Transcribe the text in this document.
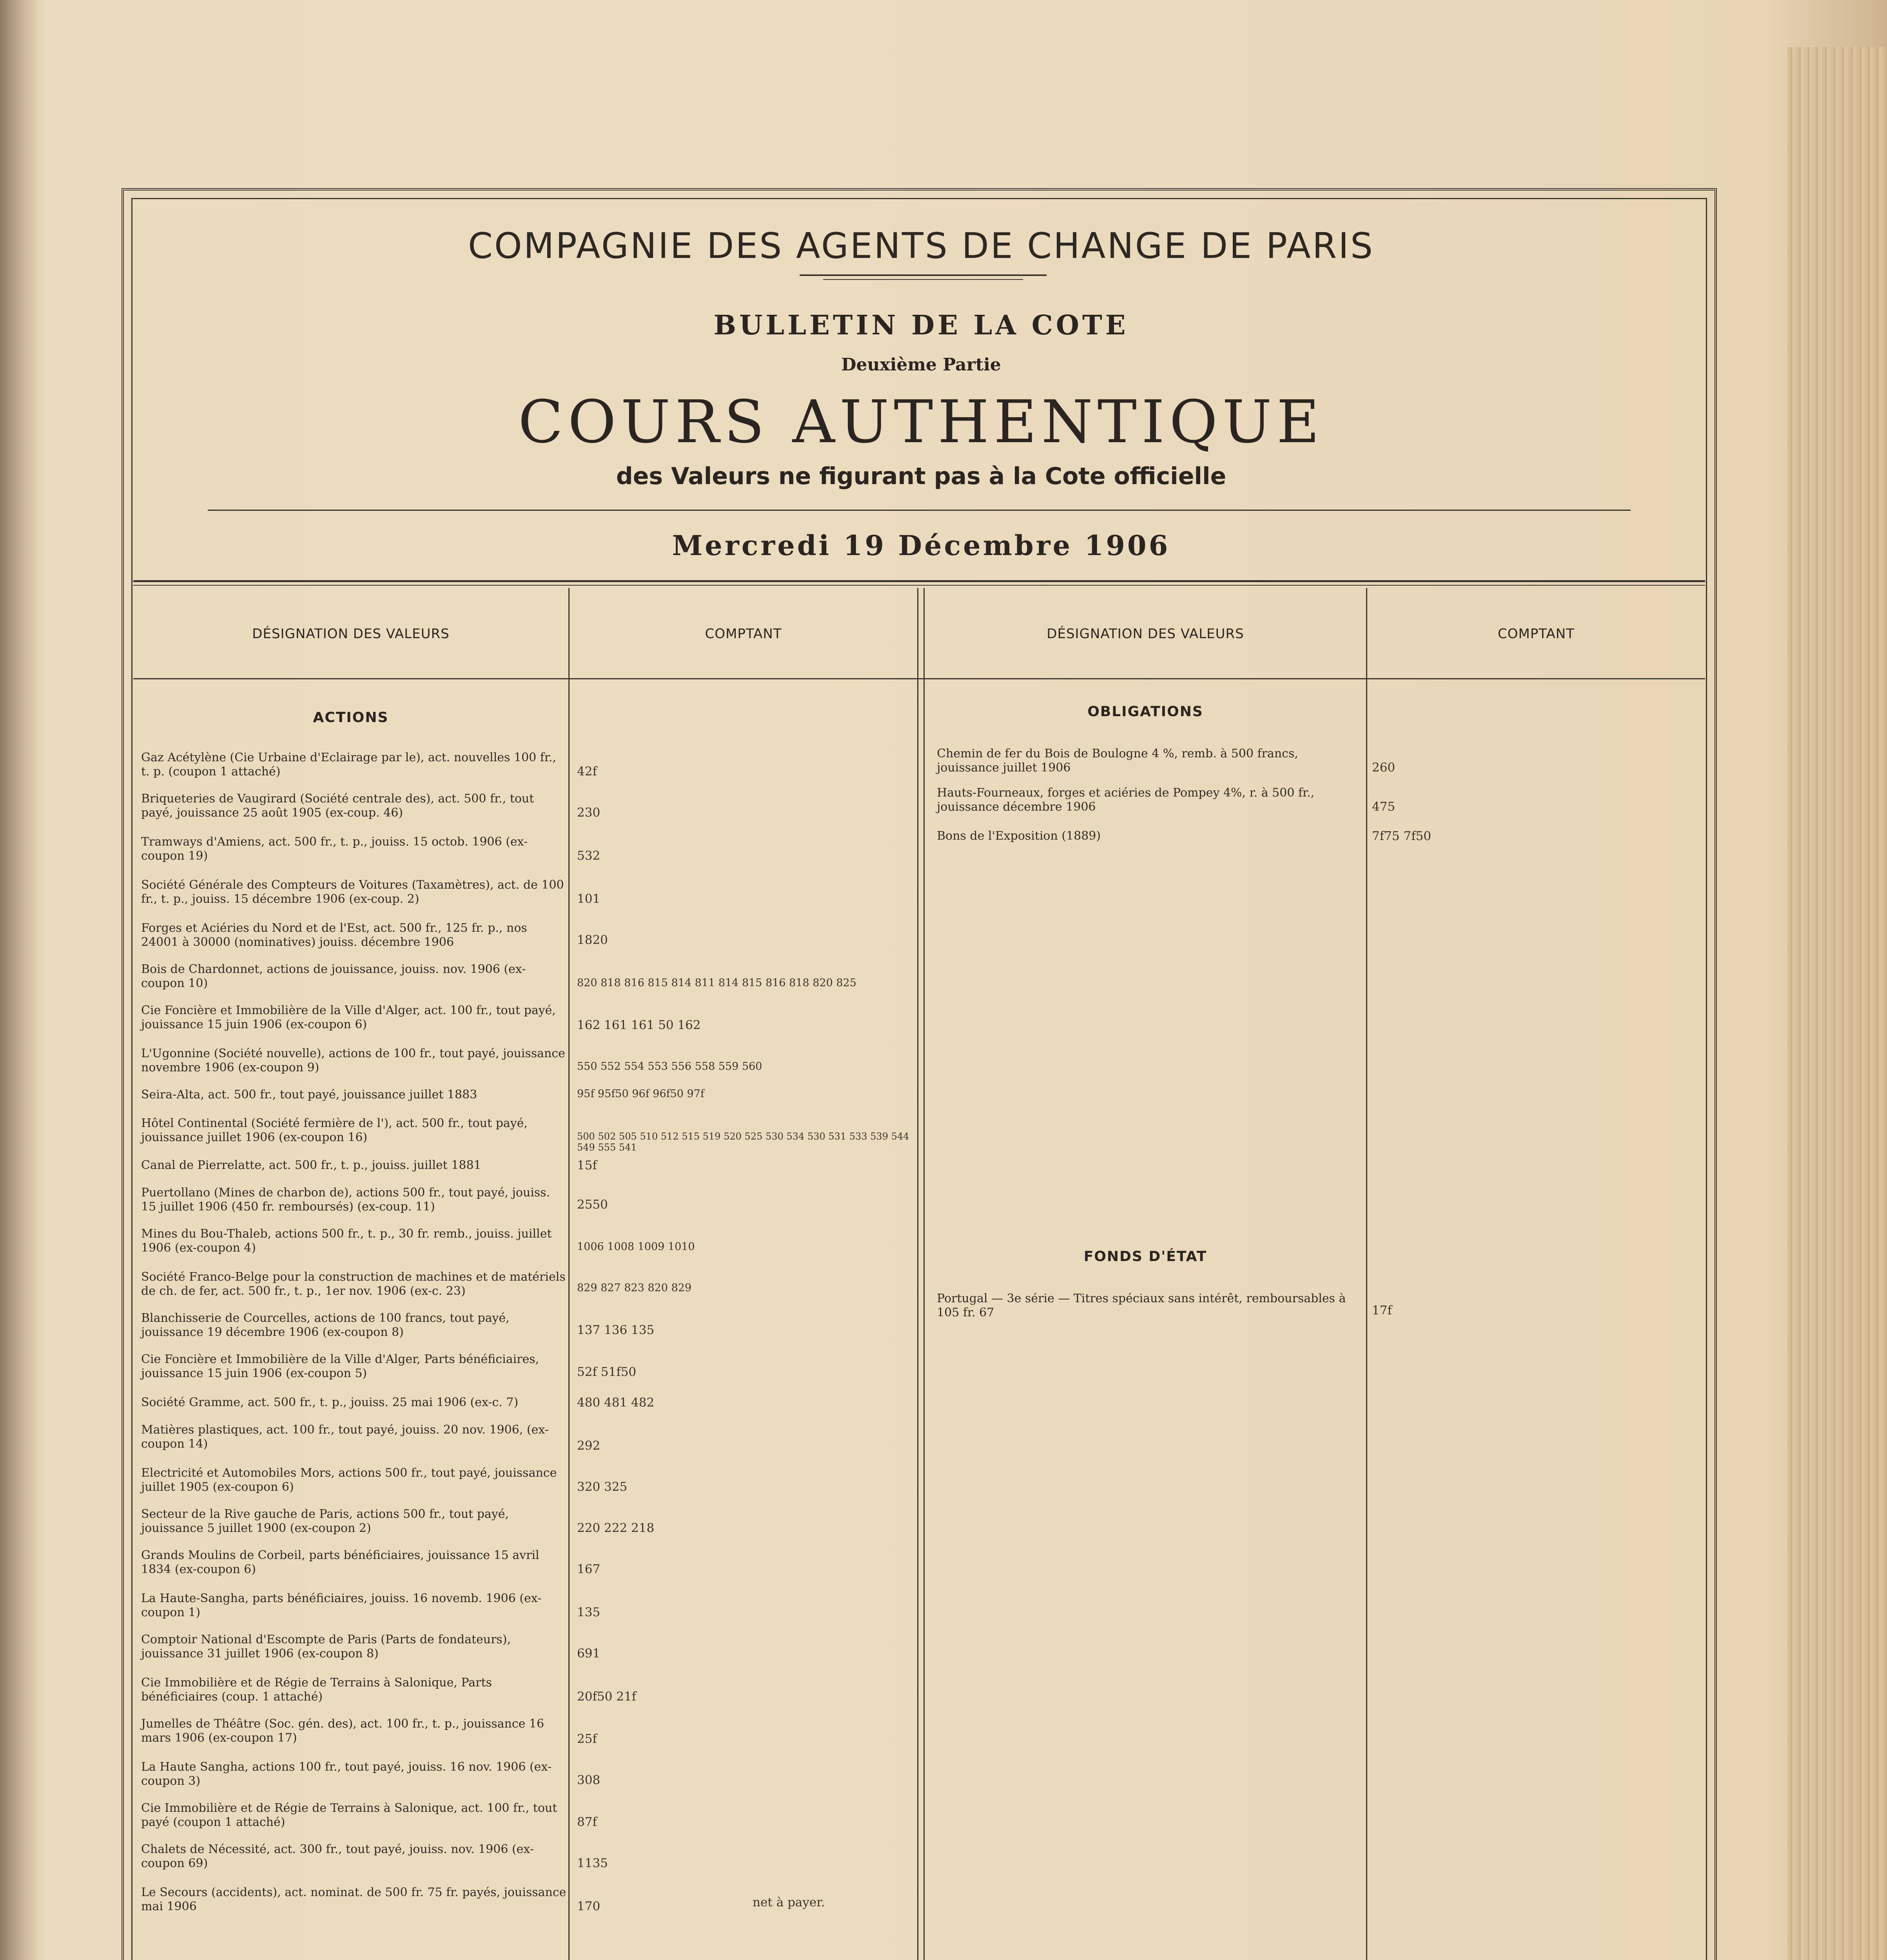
COMPAGNIE DES AGENTS DE CHANGE DE PARIS
BULLETIN DE LA COTE
Deuxième Partie
COURS AUTHENTIQUE
des Valeurs ne figurant pas à la Cote officielle
Mercredi 19 Décembre 1906
DÉSIGNATION DES VALEURS	COMPTANT	DÉSIGNATION DES VALEURS	COMPTANT
ACTIONS
Gaz Acétylène (Cie Urbaine d'Eclairage par le), act. nouvelles 100 fr., t. p. (coupon 1 attaché)	42f
Briqueteries de Vaugirard (Société centrale des), act. 500 fr., tout payé, jouissance 25 août 1905 (ex-coup. 46)	230
Tramways d'Amiens, act. 500 fr., t. p., jouiss. 15 octob. 1906 (ex-coupon 19)	532
Société Générale des Compteurs de Voitures (Taxamètres), act. de 100 fr., t. p., jouiss. 15 décembre 1906 (ex-coup. 2)	101
Forges et Aciéries du Nord et de l'Est, act. 500 fr., 125 fr. p., nos 24001 à 30000 (nominatives) jouiss. décembre 1906	1820
Bois de Chardonnet, actions de jouissance, jouiss. nov. 1906 (ex-coupon 10)	820 818 816 815 814 811 814 815 816 818 820 825
Cie Foncière et Immobilière de la Ville d'Alger, act. 100 fr., tout payé, jouissance 15 juin 1906 (ex-coupon 6)	162 161 161 50 162
L'Ugonnine (Société nouvelle), actions de 100 fr., tout payé, jouissance novembre 1906 (ex-coupon 9)	550 552 554 553 556 558 559 560
Seira-Alta, act. 500 fr., tout payé, jouissance juillet 1883	95f 95f50 96f 96f50 97f
Hôtel Continental (Société fermière de l'), act. 500 fr., tout payé, jouissance juillet 1906 (ex-coupon 16)	500 502 505 510 512 515 519 520 525 530 534 530 531 533 539 544 549 555 541
Canal de Pierrelatte, act. 500 fr., t. p., jouiss. juillet 1881	15f
Puertollano (Mines de charbon de), actions 500 fr., tout payé, jouiss. 15 juillet 1906 (450 fr. remboursés) (ex-coup. 11)	2550
Mines du Bou-Thaleb, actions 500 fr., t. p., 30 fr. remb., jouiss. juillet 1906 (ex-coupon 4)	1006 1008 1009 1010
Société Franco-Belge pour la construction de machines et de matériels de ch. de fer, act. 500 fr., t. p., 1er nov. 1906 (ex-c. 23)	829 827 823 820 829
Blanchisserie de Courcelles, actions de 100 francs, tout payé, jouissance 19 décembre 1906 (ex-coupon 8)	137 136 135
Cie Foncière et Immobilière de la Ville d'Alger, Parts bénéficiaires, jouissance 15 juin 1906 (ex-coupon 5)	52f 51f50
Société Gramme, act. 500 fr., t. p., jouiss. 25 mai 1906 (ex-c. 7)	480 481 482
Matières plastiques, act. 100 fr., tout payé, jouiss. 20 nov. 1906, (ex-coupon 14)	292
Electricité et Automobiles Mors, actions 500 fr., tout payé, jouissance juillet 1905 (ex-coupon 6)	320 325
Secteur de la Rive gauche de Paris, actions 500 fr., tout payé, jouissance 5 juillet 1900 (ex-coupon 2)	220 222 218
Grands Moulins de Corbeil, parts bénéficiaires, jouissance 15 avril 1834 (ex-coupon 6)	167
La Haute-Sangha, parts bénéficiaires, jouiss. 16 novemb. 1906 (ex-coupon 1)	135
Comptoir National d'Escompte de Paris (Parts de fondateurs), jouissance 31 juillet 1906 (ex-coupon 8)	691
Cie Immobilière et de Régie de Terrains à Salonique, Parts bénéficiaires (coup. 1 attaché)	20f50 21f
Jumelles de Théâtre (Soc. gén. des), act. 100 fr., t. p., jouissance 16 mars 1906 (ex-coupon 17)	25f
La Haute Sangha, actions 100 fr., tout payé, jouiss. 16 nov. 1906 (ex-coupon 3)	308
Cie Immobilière et de Régie de Terrains à Salonique, act. 100 fr., tout payé (coupon 1 attaché)	87f
Chalets de Nécessité, act. 300 fr., tout payé, jouiss. nov. 1906 (ex-coupon 69)	1135
Le Secours (accidents), act. nominat. de 500 fr. 75 fr. payés, jouissance mai 1906	170	net à payer.
OBLIGATIONS
Chemin de fer du Bois de Boulogne 4 %, remb. à 500 francs, jouissance juillet 1906	260
Hauts-Fourneaux, forges et aciéries de Pompey 4%, r. à 500 fr., jouissance décembre 1906	475
Bons de l'Exposition (1889)	7f75 7f50
FONDS D'ÉTAT
Portugal — 3e série — Titres spéciaux sans intérêt, remboursables à 105 fr. 67	17f
